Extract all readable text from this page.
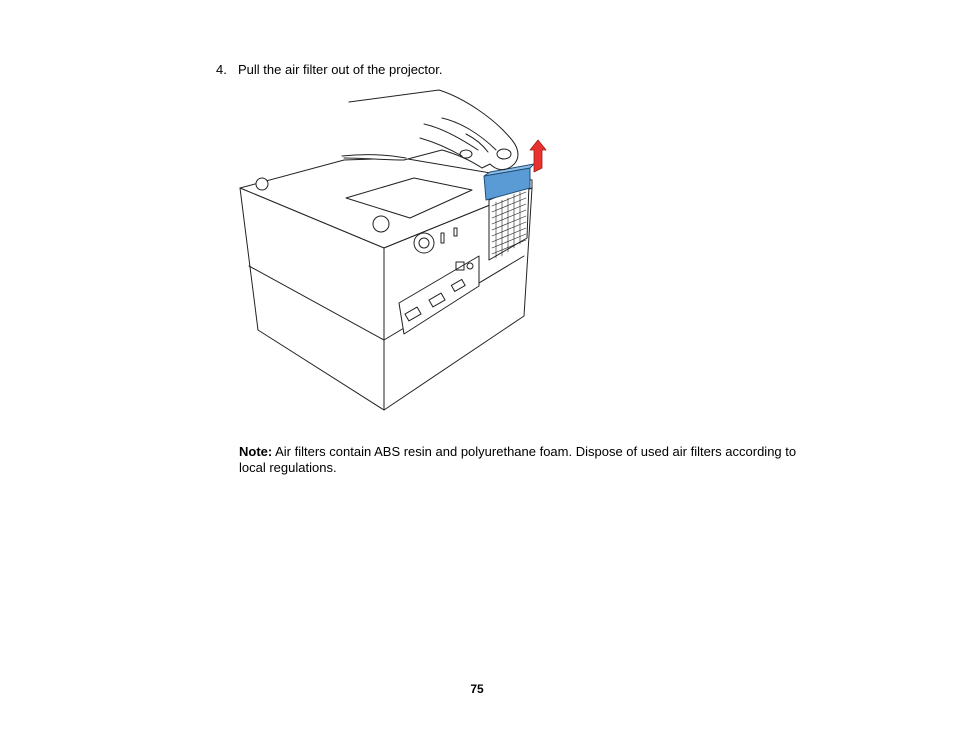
4. Pull the air filter out of the projector.
Note: Air filters contain ABS resin and polyurethane foam. Dispose of used air filters according to local regulations.
75
